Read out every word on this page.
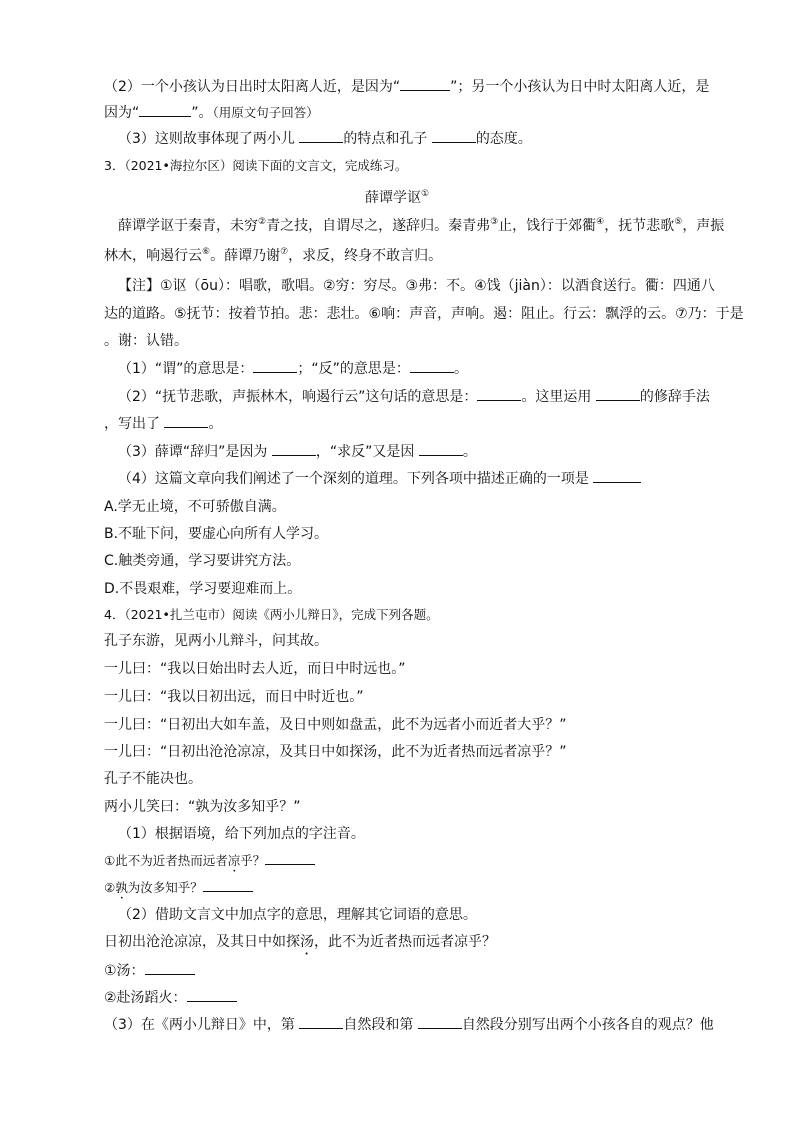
（2）一个小孩认为日出时太阳离人近，是因为“	”；另一个小孩认为日中时太阳离人近，是
因为“	”。（用原文句子回答）
（3）这则故事体现了两小儿	的特点和孔子	的态度。
3．（2021•海拉尔区）阅读下面的文言文，完成练习。
薛谭学讴①
薛谭学讴于秦青，未穷②青之技，自谓尽之，遂辞归。秦青弗③止，饯行于郊衢④，抚节悲歌⑤，声振
林木，响遏行云⑥。薛谭乃谢⑦，求反，终身不敢言归。
【注】①讴（ōu）：唱歌，歌唱。②穷：穷尽。③弗：不。④饯（jiàn）：以酒食送行。衢：四通八
达的道路。⑤抚节：按着节拍。悲：悲壮。⑥响：声音，声响。遏：阻止。行云：飘浮的云。⑦乃：于是
。谢：认错。
（1）“谓”的意思是：	；“反”的意思是：	。
（2）“抚节悲歌，声振林木，响遏行云”这句话的意思是：	。这里运用	的修辞手法
，写出了	。
（3）薛谭“辞归”是因为	，“求反”又是因	。
（4）这篇文章向我们阐述了一个深刻的道理。下列各项中描述正确的一项是
A.学无止境，不可骄傲自满。
B.不耻下问，要虚心向所有人学习。
C.触类旁通，学习要讲究方法。
D.不畏艰难，学习要迎难而上。
4．（2021•扎兰屯市）阅读《两小儿辩日》，完成下列各题。
孔子东游，见两小儿辩斗，问其故。
一儿曰：“我以日始出时去人近，而日中时远也。”
一儿曰：“我以日初出远，而日中时近也。”
一儿曰：“日初出大如车盖，及日中则如盘盂，此不为远者小而近者大乎？”
一儿曰：“日初出沧沧凉凉，及其日中如探汤，此不为近者热而远者凉乎？”
孔子不能决也。
两小儿笑曰：“孰为汝多知乎？”
（1）根据语境，给下列加点的字注音。
①此不为近者热而远者凉乎？
②孰为汝多知乎？
（2）借助文言文中加点字的意思，理解其它词语的意思。
日初出沧沧凉凉，及其日中如探汤，此不为近者热而远者凉乎？
①汤：
②赴汤蹈火：
（3）在《两小儿辩日》中，第	自然段和第	自然段分别写出两个小孩各自的观点？他
